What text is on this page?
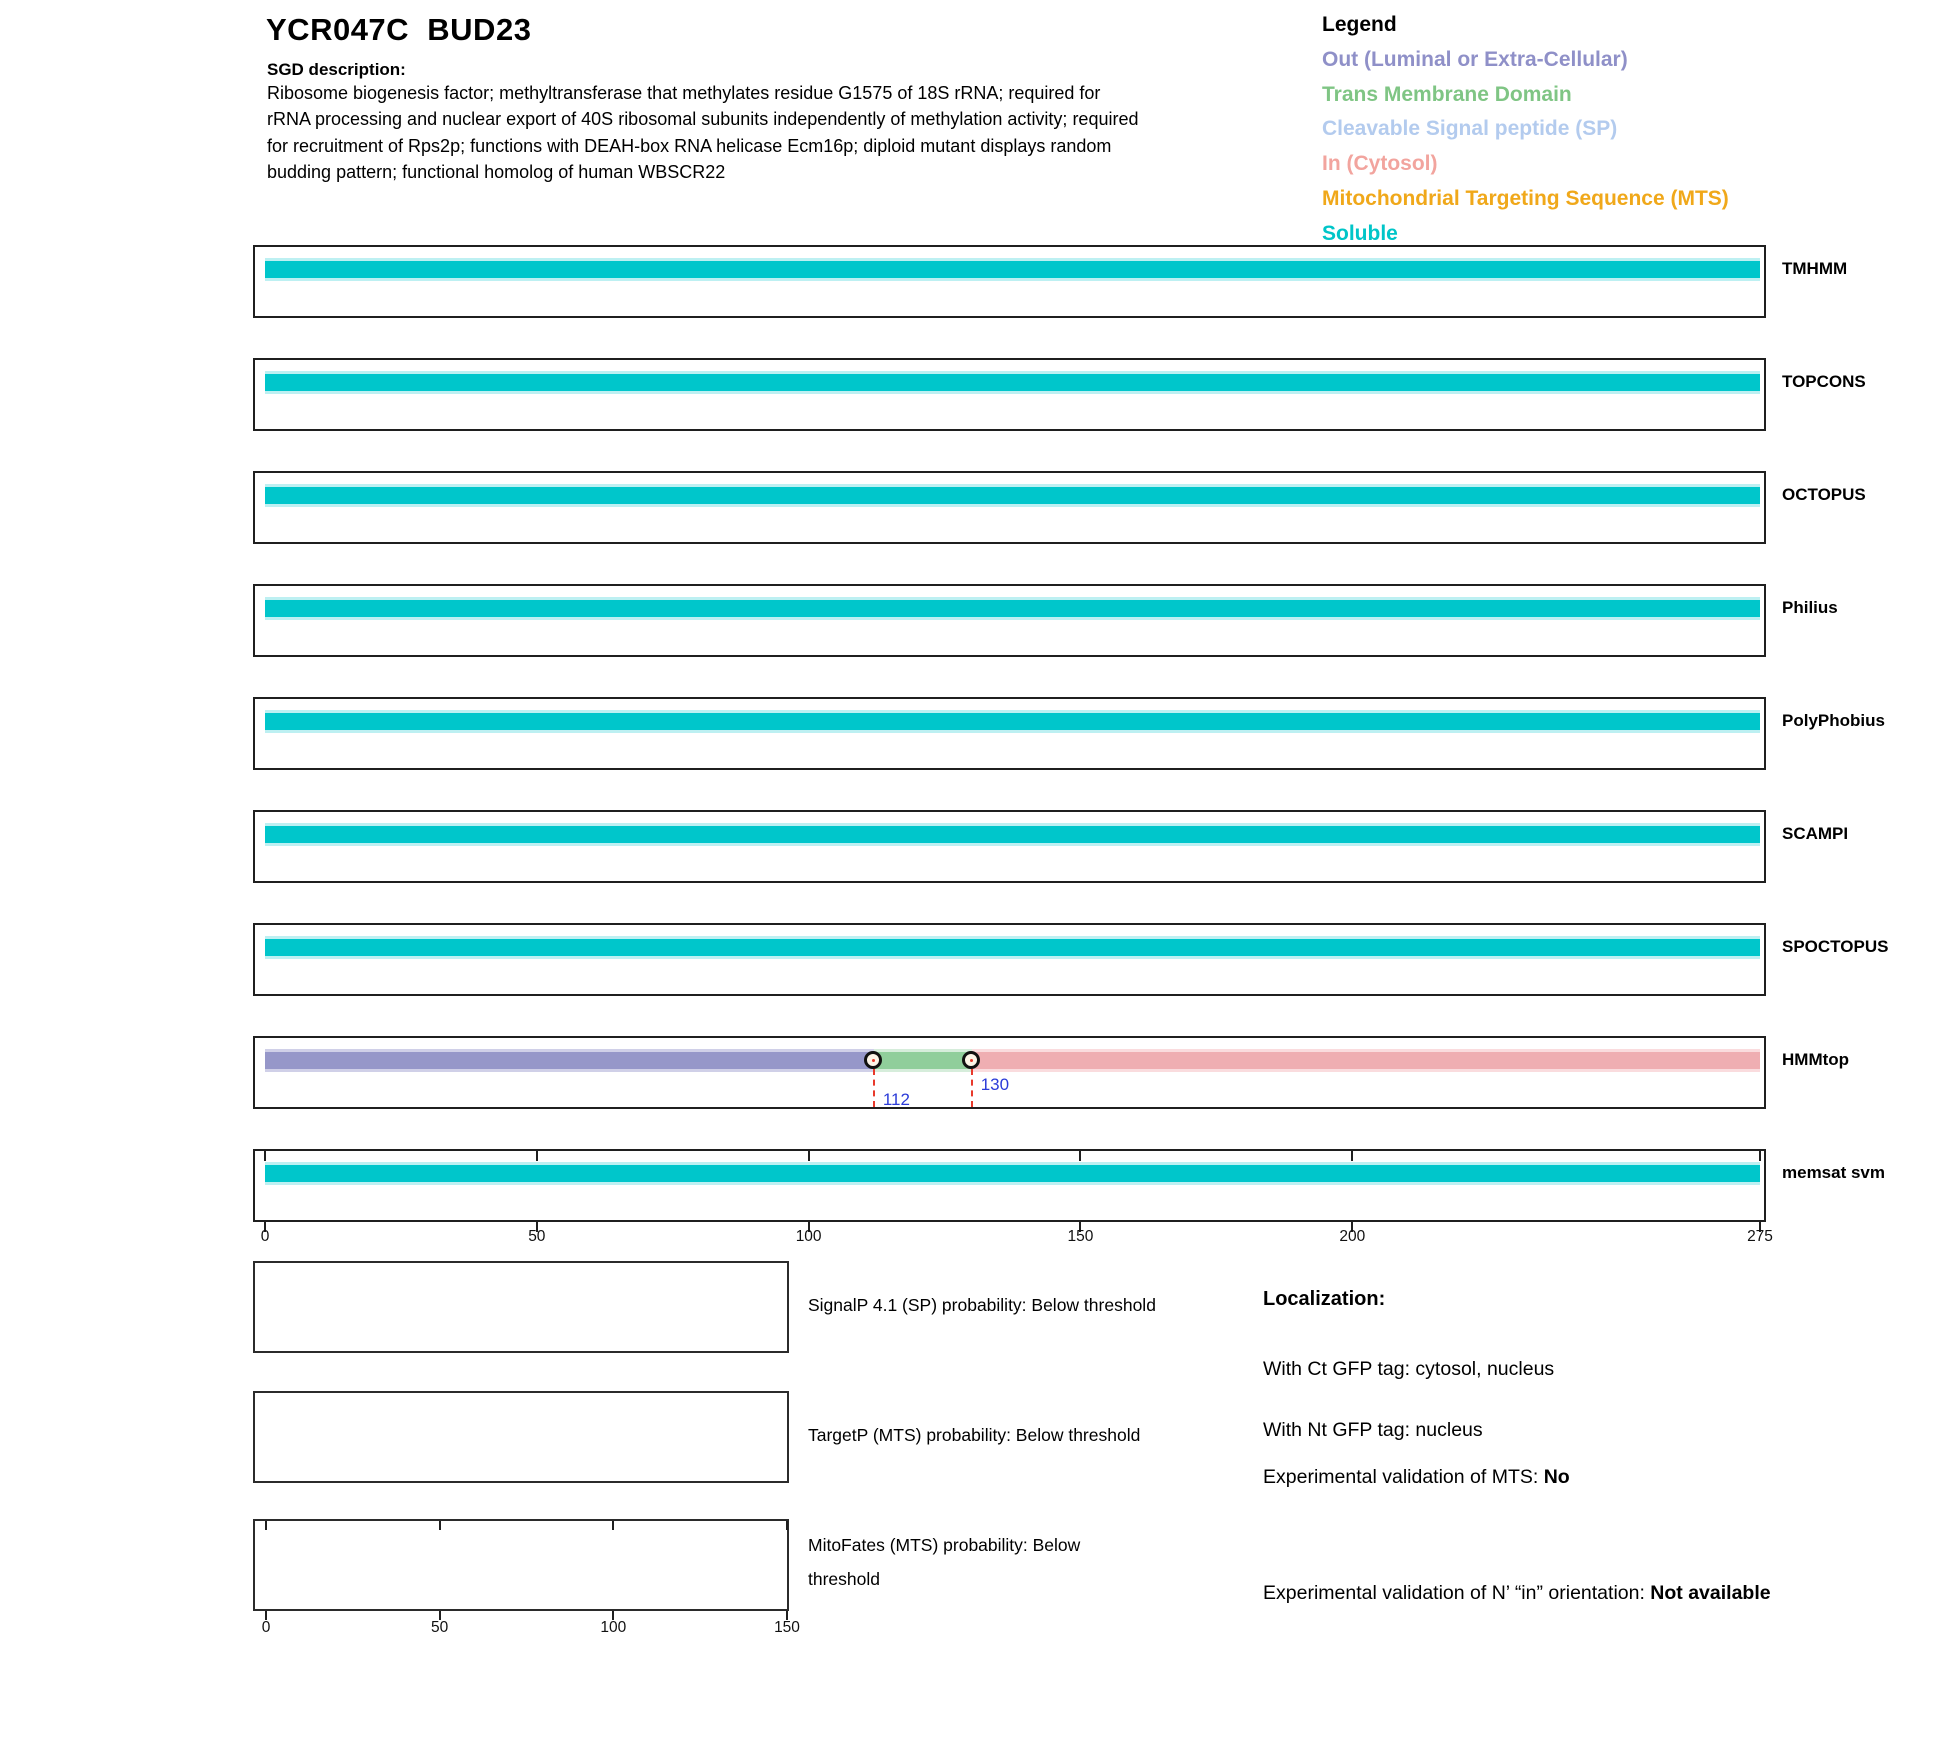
YCR047C  BUD23
SGD description:
Ribosome biogenesis factor; methyltransferase that methylates residue G1575 of 18S rRNA; required for
rRNA processing and nuclear export of 40S ribosomal subunits independently of methylation activity; required
for recruitment of Rps2p; functions with DEAH-box RNA helicase Ecm16p; diploid mutant displays random
budding pattern; functional homolog of human WBSCR22
Legend
Out (Luminal or Extra-Cellular)
Trans Membrane Domain
Cleavable Signal peptide (SP)
In (Cytosol)
Mitochondrial Targeting Sequence (MTS)
Soluble
TMHMM
TOPCONS
OCTOPUS
Philius
PolyPhobius
SCAMPI
SPOCTOPUS
112
130
HMMtop
0	50	100	150	200	275
memsat svm
0	50	100	150
SignalP 4.1 (SP) probability: Below threshold
TargetP (MTS) probability: Below threshold
MitoFates (MTS) probability: Below threshold
Localization:
With Ct GFP tag: cytosol, nucleus
With Nt GFP tag: nucleus
Experimental validation of MTS: No
Experimental validation of N’ “in” orientation: Not available
